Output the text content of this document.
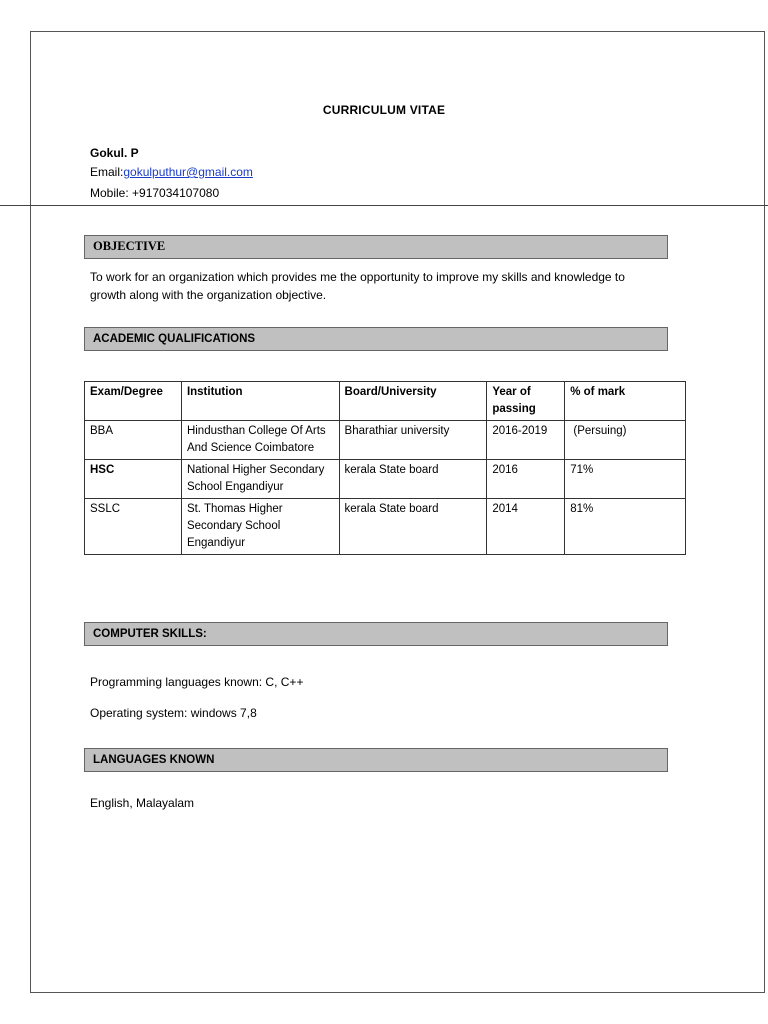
CURRICULUM VITAE
Gokul. P
Email:gokulputhur@gmail.com
Mobile: +917034107080
OBJECTIVE
To work for an organization which provides me the opportunity to improve my skills and knowledge to
growth along with the organization objective.
ACADEMIC QUALIFICATIONS
Exam/Degree	Institution	Board/University	Year of passing	% of mark
BBA	Hindusthan College Of Arts And Science Coimbatore	Bharathiar university	2016-2019	(Persuing)
HSC	National Higher Secondary School Engandiyur	kerala State board	2016	71%
SSLC	St. Thomas Higher Secondary School Engandiyur	kerala State board	2014	81%
COMPUTER SKILLS:
Programming languages known: C, C++
Operating system: windows 7,8
LANGUAGES KNOWN
English, Malayalam
